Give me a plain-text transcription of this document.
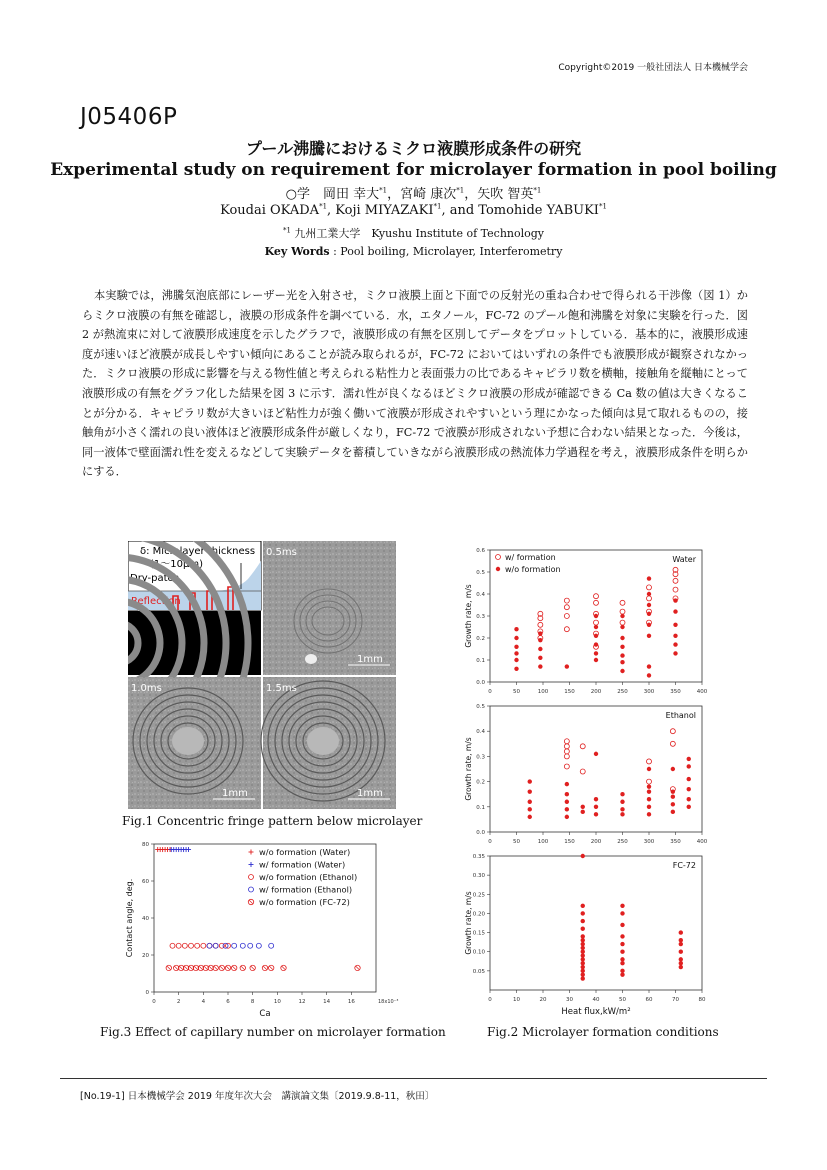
Copyright©2019 一般社団法人 日本機械学会
J05406P
プール沸騰におけるミクロ液膜形成条件の研究
Experimental study on requirement for microlayer formation in pool boiling
○学　岡田 幸大$^{*1}$，宮崎 康次$^{*1}$，矢吹 智英$^{*1}$
Koudai OKADA$^{*1}$, Koji MIYAZAKI$^{*1}$, and Tomohide YABUKI$^{*1}$
$^{*1}$ 九州工業大学　Kyushu Institute of Technology
Key Words : Pool boiling, Microlayer, Interferometry
本実験では，沸騰気泡底部にレーザー光を入射させ，ミクロ液膜上面と下面での反射光の重ね合わせで得られる干渉像（図 1）からミクロ液膜の有無を確認し，液膜の形成条件を調べている．水，エタノール，FC-72 のプール飽和沸騰を対象に実験を行った．図 2 が熱流束に対して液膜形成速度を示したグラフで，液膜形成の有無を区別してデータをプロットしている．基本的に，液膜形成速度が速いほど液膜が成長しやすい傾向にあることが読み取られるが，FC-72 においてはいずれの条件でも液膜形成が観察されなかった．ミクロ液膜の形成に影響を与える物性値と考えられる粘性力と表面張力の比であるキャピラリ数を横軸，接触角を縦軸にとって液膜形成の有無をグラフ化した結果を図 3 に示す．濡れ性が良くなるほどミクロ液膜の形成が確認できる Ca 数の値は大きくなることが分かる．キャピラリ数が大きいほど粘性力が強く働いて液膜が形成されやすいという理にかなった傾向は見て取れるものの，接触角が小さく濡れの良い液体ほど液膜形成条件が厳しくなり，FC-72 で液膜が形成されない予想に合わない結果となった．今後は，同一液体で壁面濡れ性を変えるなどして実験データを蓄積していきながら液膜形成の熱流体力学過程を考え，液膜形成条件を明らかにする．
δ: Microlayer thickness
(1〜10μm)
Dry-patch
Reflection
0.5ms
1mm
1.0ms
1mm
1.5ms
1mm
Fig.1 Concentric fringe pattern below microlayer
0	50	100	150	200	250	300	350	400
0.0
0.1
0.2
0.3
0.4
0.5
0.6
Growth rate, m/s
Water
w/ formation
w/o formation
0	50	100	150	200	250	300	350	400
0.0
0.1
0.2
0.3
0.4
0.5
Growth rate, m/s
Ethanol
0	10	20	30	40	50	60	70	80
0.05
0.10
0.15
0.20
0.25
0.30
0.35
Growth rate, m/s
Heat flux,kW/m²
FC-72
Fig.2 Microlayer formation conditions
0	2	4	6	8	10	12	14	16	18x10⁻³
0
20
40
60
80
Contact angle, deg.
Ca
w/o formation (Water)
w/ formation (Water)
w/o formation (Ethanol)
w/ formation (Ethanol)
w/o formation (FC-72)
Fig.3 Effect of capillary number on microlayer formation
[No.19-1] 日本機械学会 2019 年度年次大会　講演論文集〔2019.9.8-11，秋田〕
